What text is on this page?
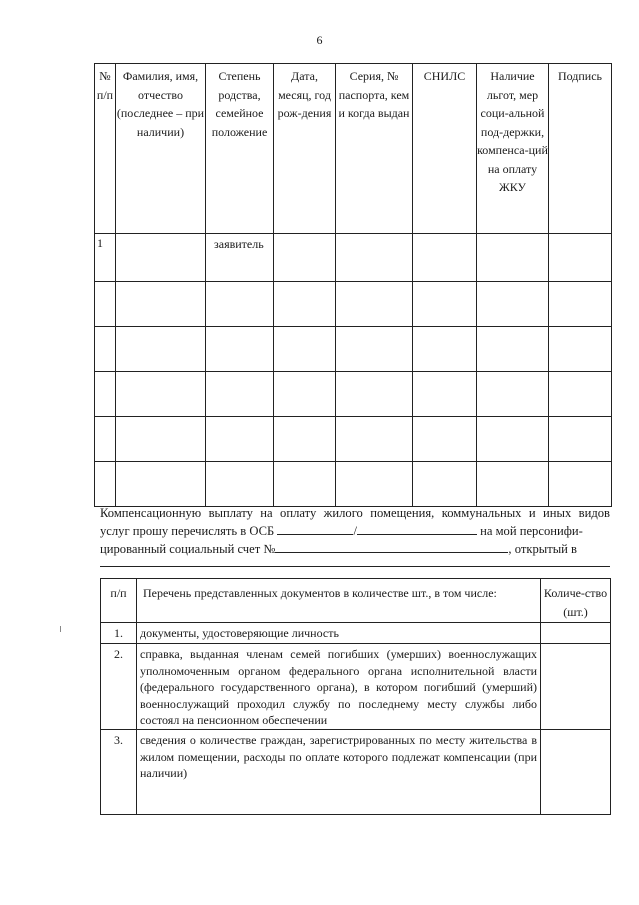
6
№ п/п	Фамилия, имя, отчество (последнее – при наличии)	Степень родства, семейное положение	Дата, месяц, год рож-дения	Серия, № паспорта, кем и когда выдан	СНИЛС	Наличие льгот, мер соци-альной под-держки, компенса-ций на оплату ЖКУ	Подпись
1		заявитель					

Компенсационную выплату на оплату жилого помещения, коммунальных и иных видов
услуг прошу перечислять в ОСБ	/	на мой персонифи-
цированный социальный счет №	, открытый в
п/п	Перечень представленных документов в количестве шт., в том числе:	Количе-ство (шт.)
1.	документы, удостоверяющие личность	
2.	справка, выданная членам семей погибших (умерших) военнослужащих уполномоченным органом федерального органа исполнительной власти (федерального государственного органа), в котором погибший (умерший) военнослужащий проходил службу по последнему месту службы либо состоял на пенсионном обеспечении	
3.	сведения о количестве граждан, зарегистрированных по месту жительства в жилом помещении, расходы по оплате которого подлежат компенсации (при наличии)	
